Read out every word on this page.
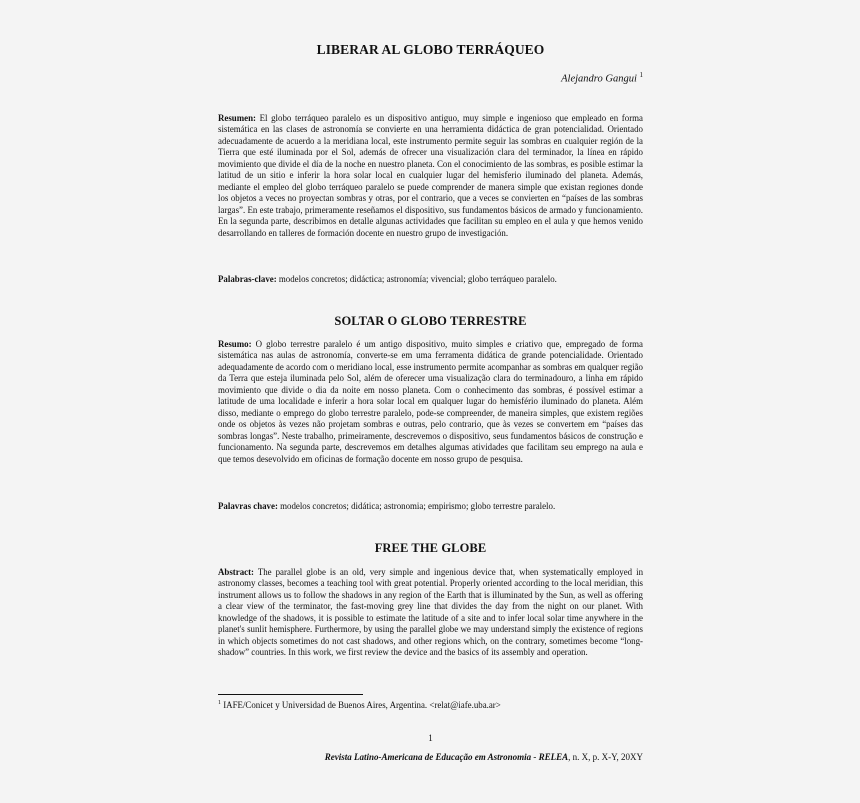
LIBERAR AL GLOBO TERRÁQUEO
Alejandro Gangui $^1$

Resumen: El globo terráqueo paralelo es un dispositivo antiguo, muy simple e ingenioso que empleado en forma sistemática en las clases de astronomía se convierte en una herramienta didáctica de gran potencialidad. Orientado adecuadamente de acuerdo a la meridiana local, este instrumento permite seguir las sombras en cualquier región de la Tierra que esté iluminada por el Sol, además de ofrecer una visualización clara del terminador, la línea en rápido movimiento que divide el día de la noche en nuestro planeta. Con el conocimiento de las sombras, es posible estimar la latitud de un sitio e inferir la hora solar local en cualquier lugar del hemisferio iluminado del planeta. Además, mediante el empleo del globo terráqueo paralelo se puede comprender de manera simple que existan regiones donde los objetos a veces no proyectan sombras y otras, por el contrario, que a veces se convierten en “países de las sombras largas”. En este trabajo, primeramente reseñamos el dispositivo, sus fundamentos básicos de armado y funcionamiento. En la segunda parte, describimos en detalle algunas actividades que facilitan su empleo en el aula y que hemos venido desarrollando en talleres de formación docente en nuestro grupo de investigación.

Palabras-clave: modelos concretos; didáctica; astronomía; vivencial; globo terráqueo paralelo.

SOLTAR O GLOBO TERRESTRE

Resumo: O globo terrestre paralelo é um antigo dispositivo, muito simples e criativo que, empregado de forma sistemática nas aulas de astronomía, converte-se em uma ferramenta didática de grande potencialidade. Orientado adequadamente de acordo com o meridiano local, esse instrumento permite acompanhar as sombras em qualquer região da Terra que esteja iluminada pelo Sol, além de oferecer uma visualização clara do terminadouro, a linha em rápido movimiento que divide o dia da noite em nosso planeta. Com o conhecimento das sombras, é possível estimar a latitude de uma localidade e inferir a hora solar local em qualquer lugar do hemisfério iluminado do planeta. Além disso, mediante o emprego do globo terrestre paralelo, pode-se compreender, de maneira simples, que existem regiões onde os objetos às vezes não projetam sombras e outras, pelo contrario, que às vezes se convertem em “países das sombras longas”. Neste trabalho, primeiramente, descrevemos o dispositivo, seus fundamentos básicos de construção e funcionamento. Na segunda parte, descrevemos em detalhes algumas atividades que facilitam seu emprego na aula e que temos desevolvido em oficinas de formação docente em nosso grupo de pesquisa.

Palavras chave: modelos concretos; didática; astronomia; empirismo; globo terrestre paralelo.

FREE THE GLOBE

Abstract: The parallel globe is an old, very simple and ingenious device that, when systematically employed in astronomy classes, becomes a teaching tool with great potential. Properly oriented according to the local meridian, this instrument allows us to follow the shadows in any region of the Earth that is illuminated by the Sun, as well as offering a clear view of the terminator, the fast-moving grey line that divides the day from the night on our planet. With knowledge of the shadows, it is possible to estimate the latitude of a site and to infer local solar time anywhere in the planet's sunlit hemisphere. Furthermore, by using the parallel globe we may understand simply the existence of regions in which objects sometimes do not cast shadows, and other regions which, on the contrary, sometimes become “long-shadow” countries. In this work, we first review the device and the basics of its assembly and operation.

$^1$ IAFE/Conicet y Universidad de Buenos Aires, Argentina. <relat@iafe.uba.ar>
1
Revista Latino-Americana de Educação em Astronomia - RELEA, n. X, p. X-Y, 20XY
